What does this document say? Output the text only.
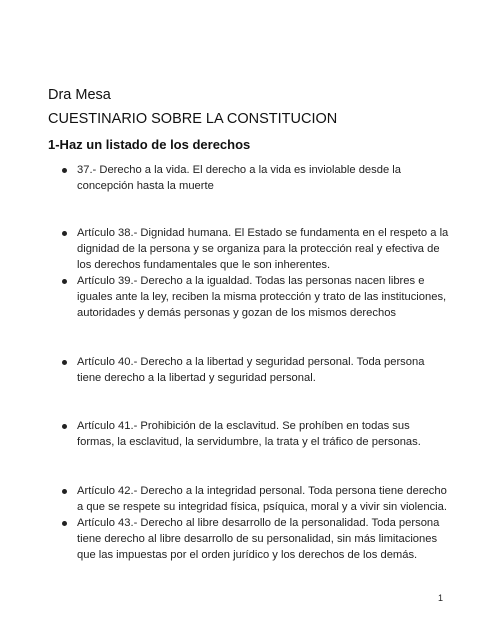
Dra Mesa
CUESTINARIO SOBRE LA CONSTITUCION
1-Haz un listado de los derechos
37.- Derecho a la vida. El derecho a la vida es inviolable desde la concepción hasta la muerte
Artículo 38.- Dignidad humana. El Estado se fundamenta en el respeto a la dignidad de la persona y se organiza para la protección real y efectiva de los derechos fundamentales que le son inherentes.
Artículo 39.- Derecho a la igualdad. Todas las personas nacen libres e iguales ante la ley, reciben la misma protección y trato de las instituciones, autoridades y demás personas y gozan de los mismos derechos
Artículo 40.- Derecho a la libertad y seguridad personal. Toda persona tiene derecho a la libertad y seguridad personal.
Artículo 41.- Prohibición de la esclavitud. Se prohíben en todas sus formas, la esclavitud, la servidumbre, la trata y el tráfico de personas.
Artículo 42.- Derecho a la integridad personal. Toda persona tiene derecho a que se respete su integridad física, psíquica, moral y a vivir sin violencia.
Artículo 43.- Derecho al libre desarrollo de la personalidad. Toda persona tiene derecho al libre desarrollo de su personalidad, sin más limitaciones que las impuestas por el orden jurídico y los derechos de los demás.
1
